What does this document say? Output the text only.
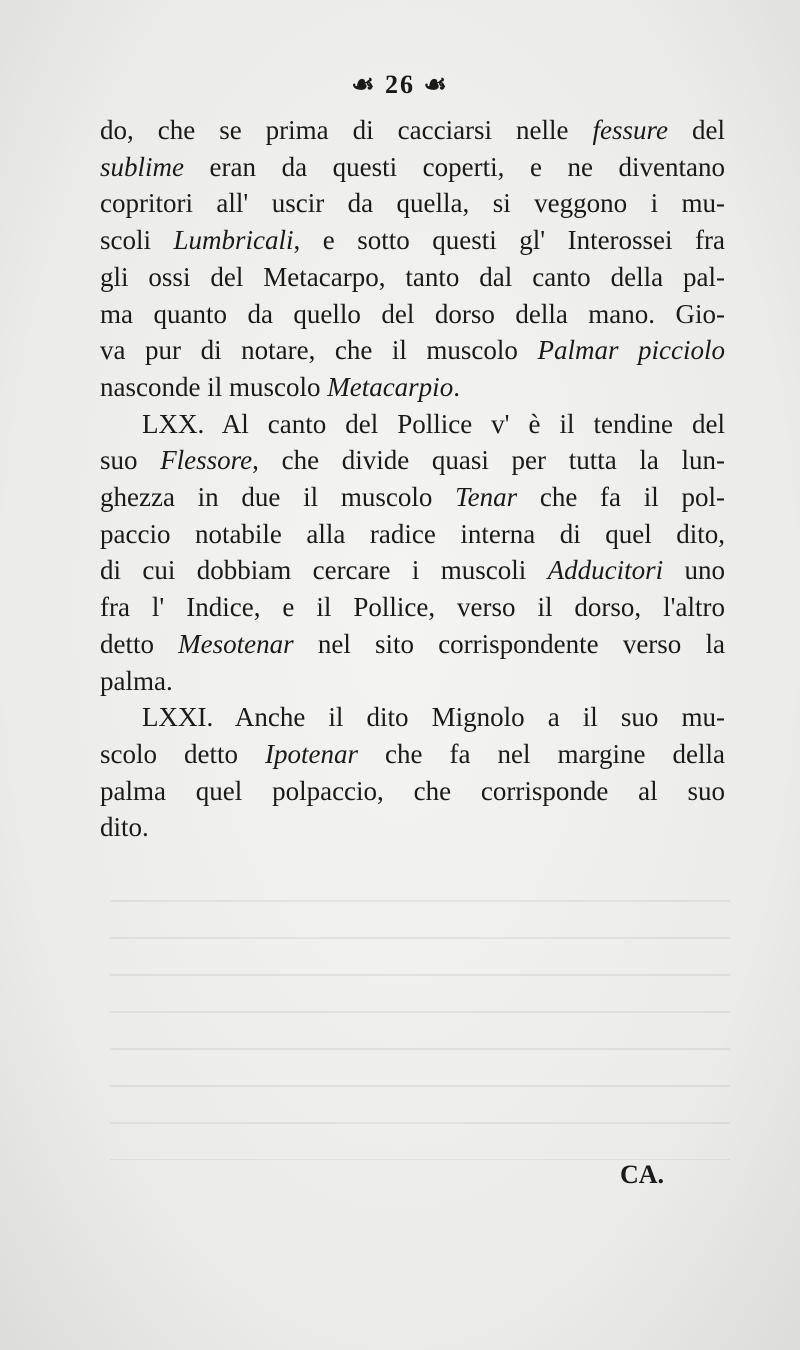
☙ 26 ☙
do, che se prima di cacciarsi nelle fessure del
sublime eran da questi coperti, e ne diventano
copritori all' uscir da quella, si veggono i mu-
scoli Lumbricali, e sotto questi gl' Interossei fra
gli ossi del Metacarpo, tanto dal canto della pal-
ma quanto da quello del dorso della mano. Gio-
va pur di notare, che il muscolo Palmar picciolo
nasconde il muscolo Metacarpio.
LXX. Al canto del Pollice v' è il tendine del
suo Flessore, che divide quasi per tutta la lun-
ghezza in due il muscolo Tenar che fa il pol-
paccio notabile alla radice interna di quel dito,
di cui dobbiam cercare i muscoli Adducitori uno
fra l' Indice, e il Pollice, verso il dorso, l'altro
detto Mesotenar nel sito corrispondente verso la
palma.
LXXI. Anche il dito Mignolo a il suo mu-
scolo detto Ipotenar che fa nel margine della
palma quel polpaccio, che corrisponde al suo
dito.
CA.
